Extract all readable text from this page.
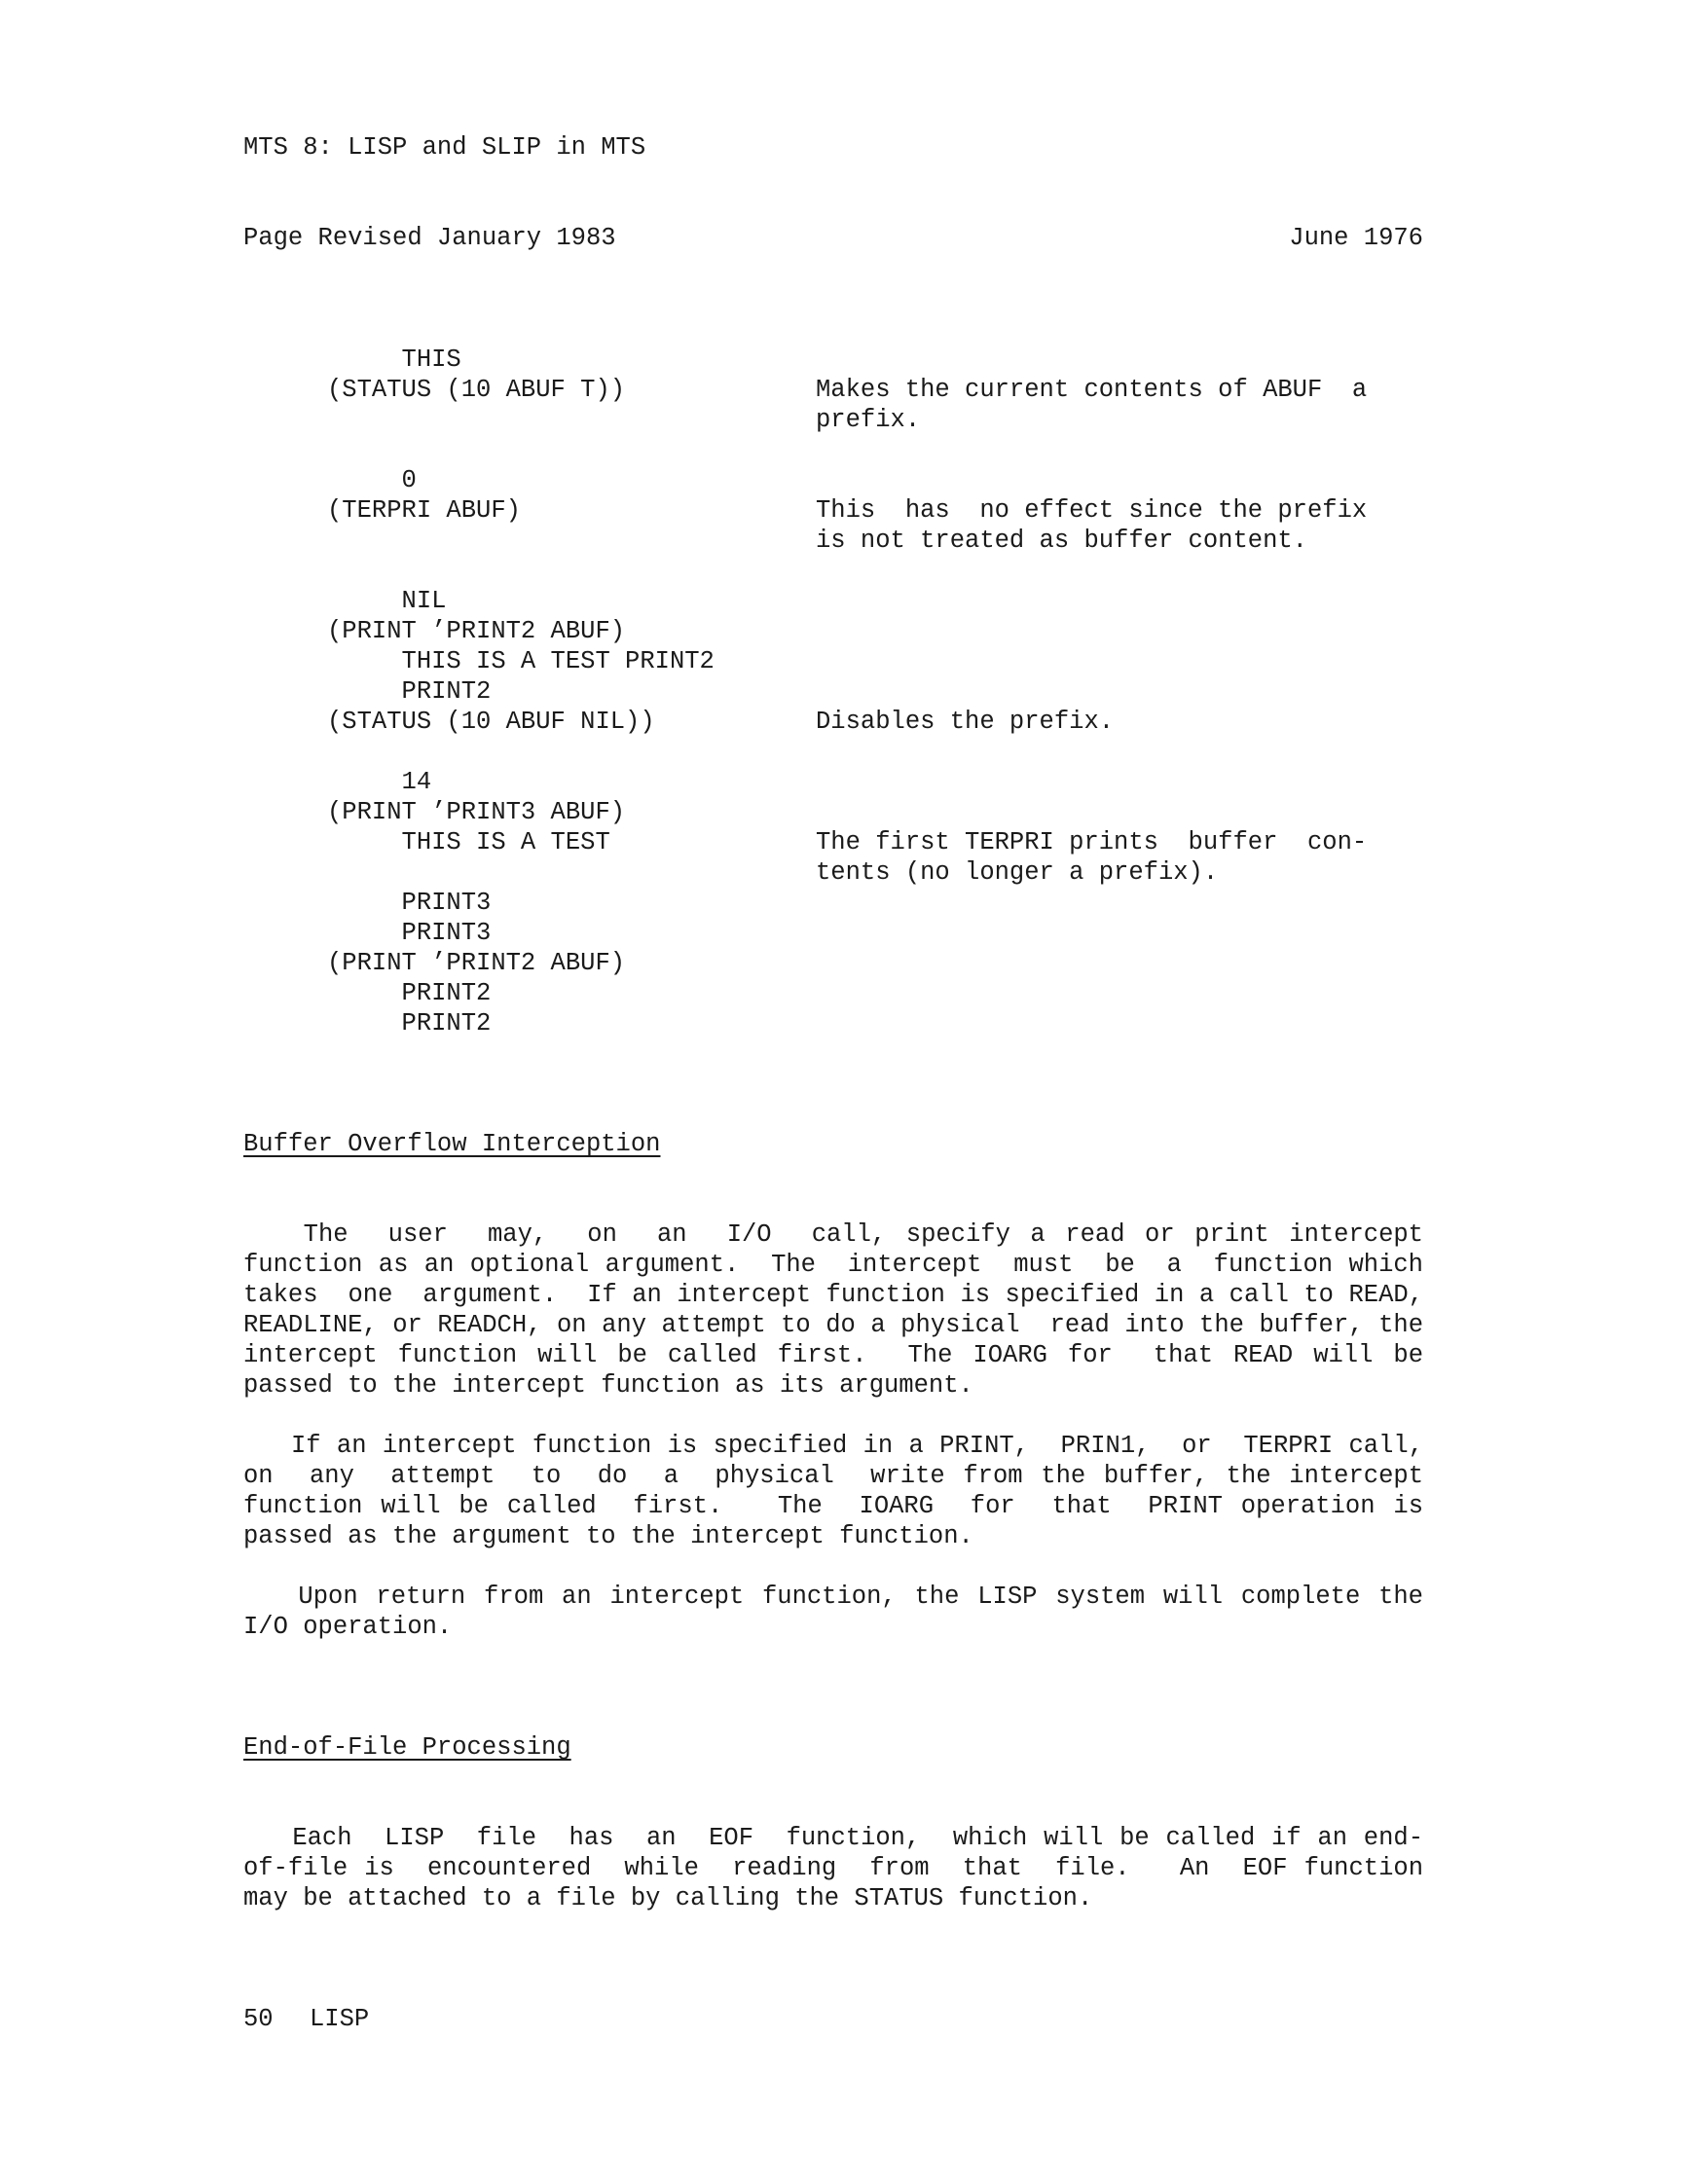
MTS 8: LISP and SLIP in MTS
Page Revised January 1983	June 1976
THIS
(STATUS (10 ABUF T))	Makes the current contents of ABUF  a
prefix.
0
(TERPRI ABUF)	This  has  no effect since the prefix
is not treated as buffer content.
NIL
(PRINT ’PRINT2 ABUF)
THIS IS A TEST PRINT2
PRINT2
(STATUS (10 ABUF NIL))	Disables the prefix.
14
(PRINT ’PRINT3 ABUF)
THIS IS A TEST	The first TERPRI prints  buffer  con-
tents (no longer a prefix).
PRINT3
PRINT3
(PRINT ’PRINT2 ABUF)
PRINT2
PRINT2
Buffer Overflow Interception

The  user  may,  on  an  I/O  call, specify a read or print intercept function as an optional argument.  The  intercept  must  be  a  function which  takes  one  argument.  If an intercept function is specified in a call to READ, READLINE, or READCH, on any attempt to do a physical  read into the buffer, the intercept function will be called first.  The IOARG for  that READ will be passed to the intercept function as its argument.

If an intercept function is specified in a PRINT,  PRIN1,  or  TERPRI call,  on  any  attempt  to  do  a  physical  write from the buffer, the intercept function will be called  first.   The  IOARG  for  that  PRINT operation is passed as the argument to the intercept function.

Upon return from an intercept function, the LISP system will complete the I/O operation.

End-of-File Processing

Each  LISP  file  has  an  EOF  function,  which will be called if an end-of-file is  encountered  while  reading  from  that  file.   An  EOF function may be attached to a file by calling the STATUS function.

50 LISP
